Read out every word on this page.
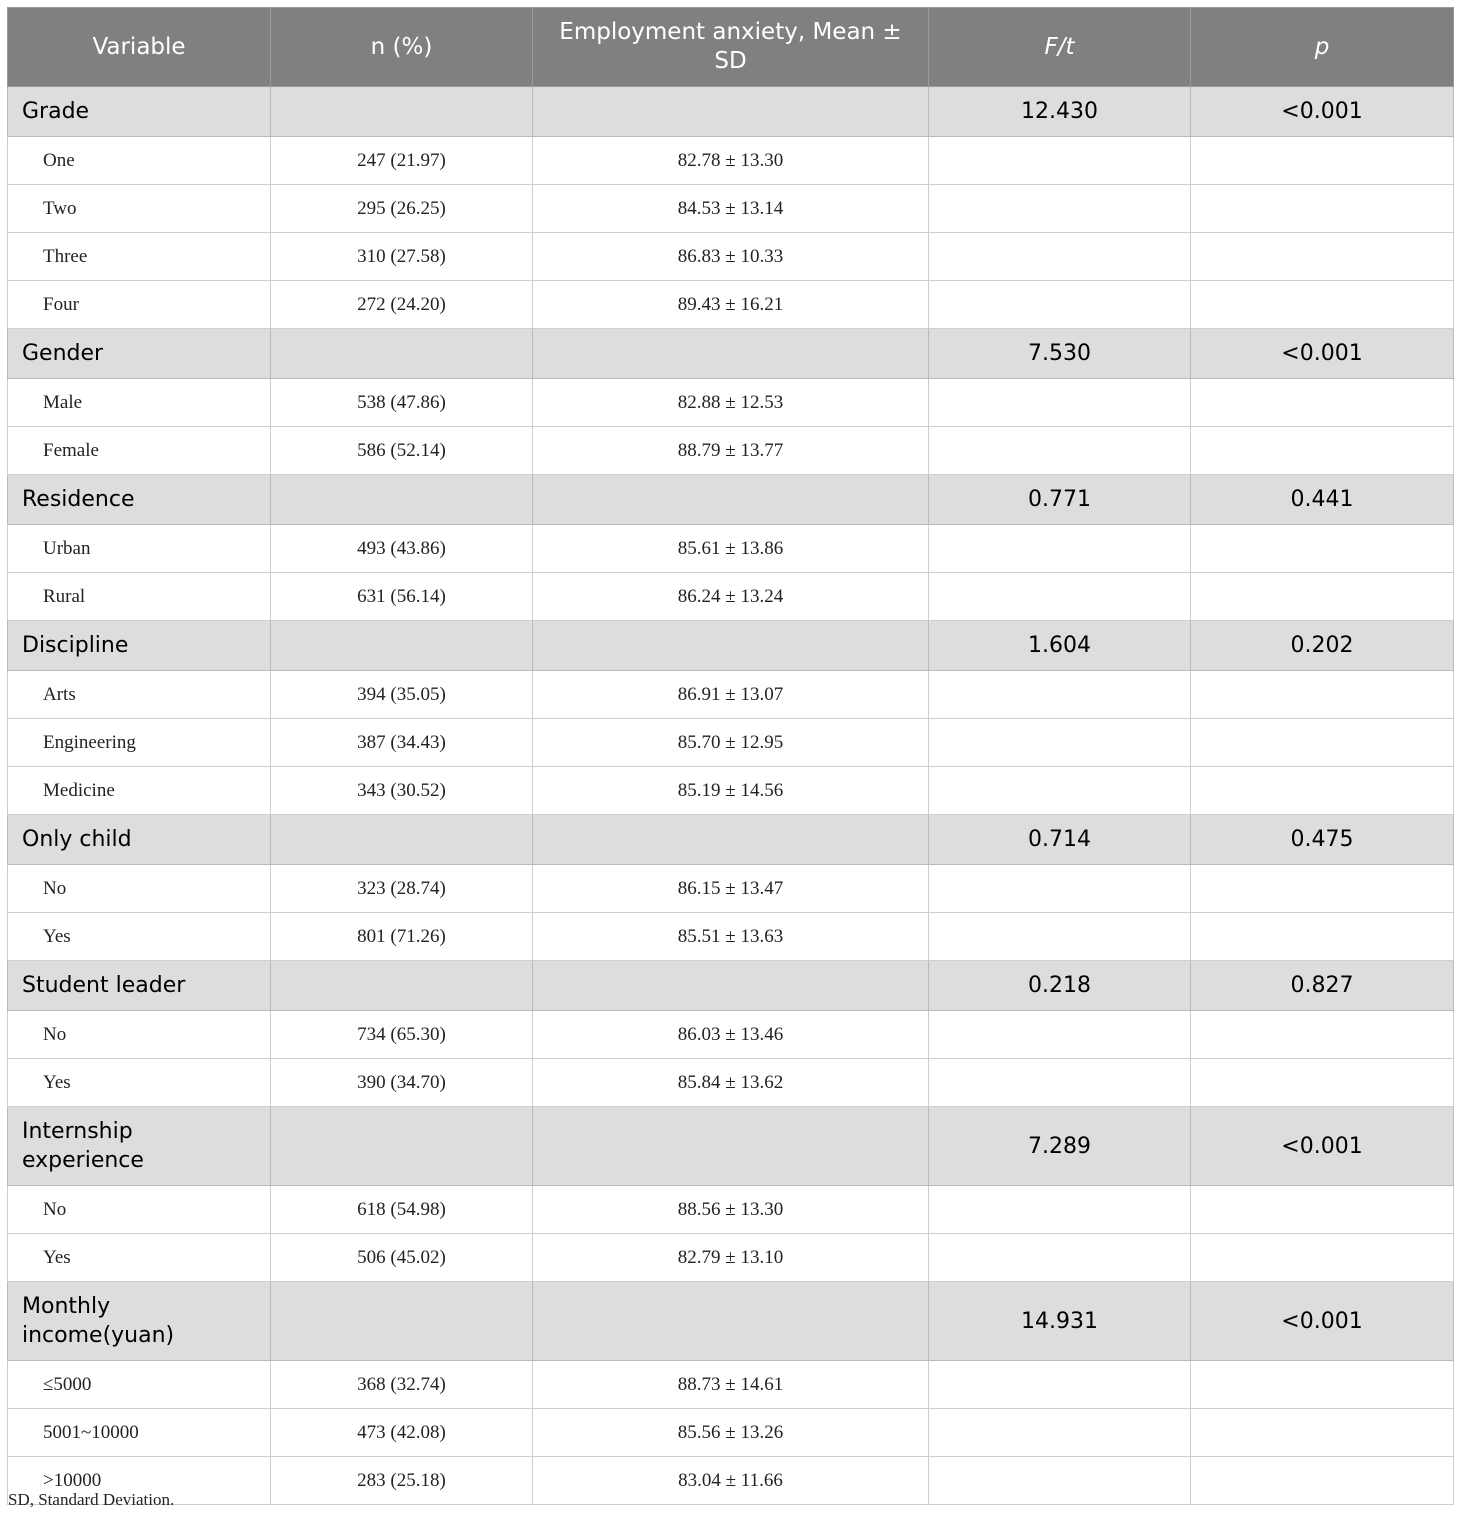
Variable	n (%)	Employment anxiety, Mean ± SD	F/t	p
Grade			12.430	<0.001
One	247 (21.97)	82.78 ± 13.30		
Two	295 (26.25)	84.53 ± 13.14		
Three	310 (27.58)	86.83 ± 10.33		
Four	272 (24.20)	89.43 ± 16.21		
Gender			7.530	<0.001
Male	538 (47.86)	82.88 ± 12.53		
Female	586 (52.14)	88.79 ± 13.77		
Residence			0.771	0.441
Urban	493 (43.86)	85.61 ± 13.86		
Rural	631 (56.14)	86.24 ± 13.24		
Discipline			1.604	0.202
Arts	394 (35.05)	86.91 ± 13.07		
Engineering	387 (34.43)	85.70 ± 12.95		
Medicine	343 (30.52)	85.19 ± 14.56		
Only child			0.714	0.475
No	323 (28.74)	86.15 ± 13.47		
Yes	801 (71.26)	85.51 ± 13.63		
Student leader			0.218	0.827
No	734 (65.30)	86.03 ± 13.46		
Yes	390 (34.70)	85.84 ± 13.62		
Internship experience			7.289	<0.001
No	618 (54.98)	88.56 ± 13.30		
Yes	506 (45.02)	82.79 ± 13.10		
Monthly income(yuan)			14.931	<0.001
≤5000	368 (32.74)	88.73 ± 14.61		
5001~10000	473 (42.08)	85.56 ± 13.26		
>10000	283 (25.18)	83.04 ± 11.66		
SD, Standard Deviation.
